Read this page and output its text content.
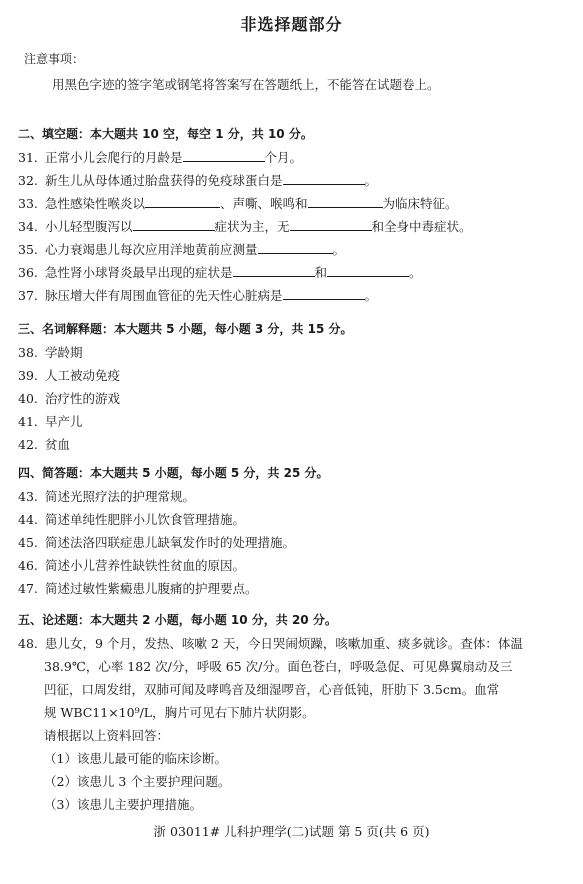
非选择题部分
注意事项：
用黑色字迹的签字笔或钢笔将答案写在答题纸上，不能答在试题卷上。
二、填空题：本大题共 10 空，每空 1 分，共 10 分。
31. 正常小儿会爬行的月龄是	个月。
32. 新生儿从母体通过胎盘获得的免疫球蛋白是	。
33. 急性感染性喉炎以	、声嘶、喉鸣和	为临床特征。
34. 小儿轻型腹泻以	症状为主，无	和全身中毒症状。
35. 心力衰竭患儿每次应用洋地黄前应测量	。
36. 急性肾小球肾炎最早出现的症状是	和	。
37. 脉压增大伴有周围血管征的先天性心脏病是	。
三、名词解释题：本大题共 5 小题，每小题 3 分，共 15 分。
38. 学龄期
39. 人工被动免疫
40. 治疗性的游戏
41. 早产儿
42. 贫血
四、简答题：本大题共 5 小题，每小题 5 分，共 25 分。
43. 简述光照疗法的护理常规。
44. 简述单纯性肥胖小儿饮食管理措施。
45. 简述法洛四联症患儿缺氧发作时的处理措施。
46. 简述小儿营养性缺铁性贫血的原因。
47. 简述过敏性紫癜患儿腹痛的护理要点。
五、论述题：本大题共 2 小题，每小题 10 分，共 20 分。
48. 患儿女，9 个月，发热、咳嗽 2 天，今日哭闹烦躁，咳嗽加重、痰多就诊。查体：体温
38.9℃，心率 182 次/分，呼吸 65 次/分。面色苍白，呼吸急促、可见鼻翼扇动及三
凹征，口周发绀，双肺可闻及哮鸣音及细湿啰音，心音低钝，肝肋下 3.5cm。血常
规 WBC11×10⁹/L，胸片可见右下肺片状阴影。
请根据以上资料回答：
（1）该患儿最可能的临床诊断。
（2）该患儿 3 个主要护理问题。
（3）该患儿主要护理措施。
浙 03011# 儿科护理学(二)试题 第 5 页(共 6 页)
